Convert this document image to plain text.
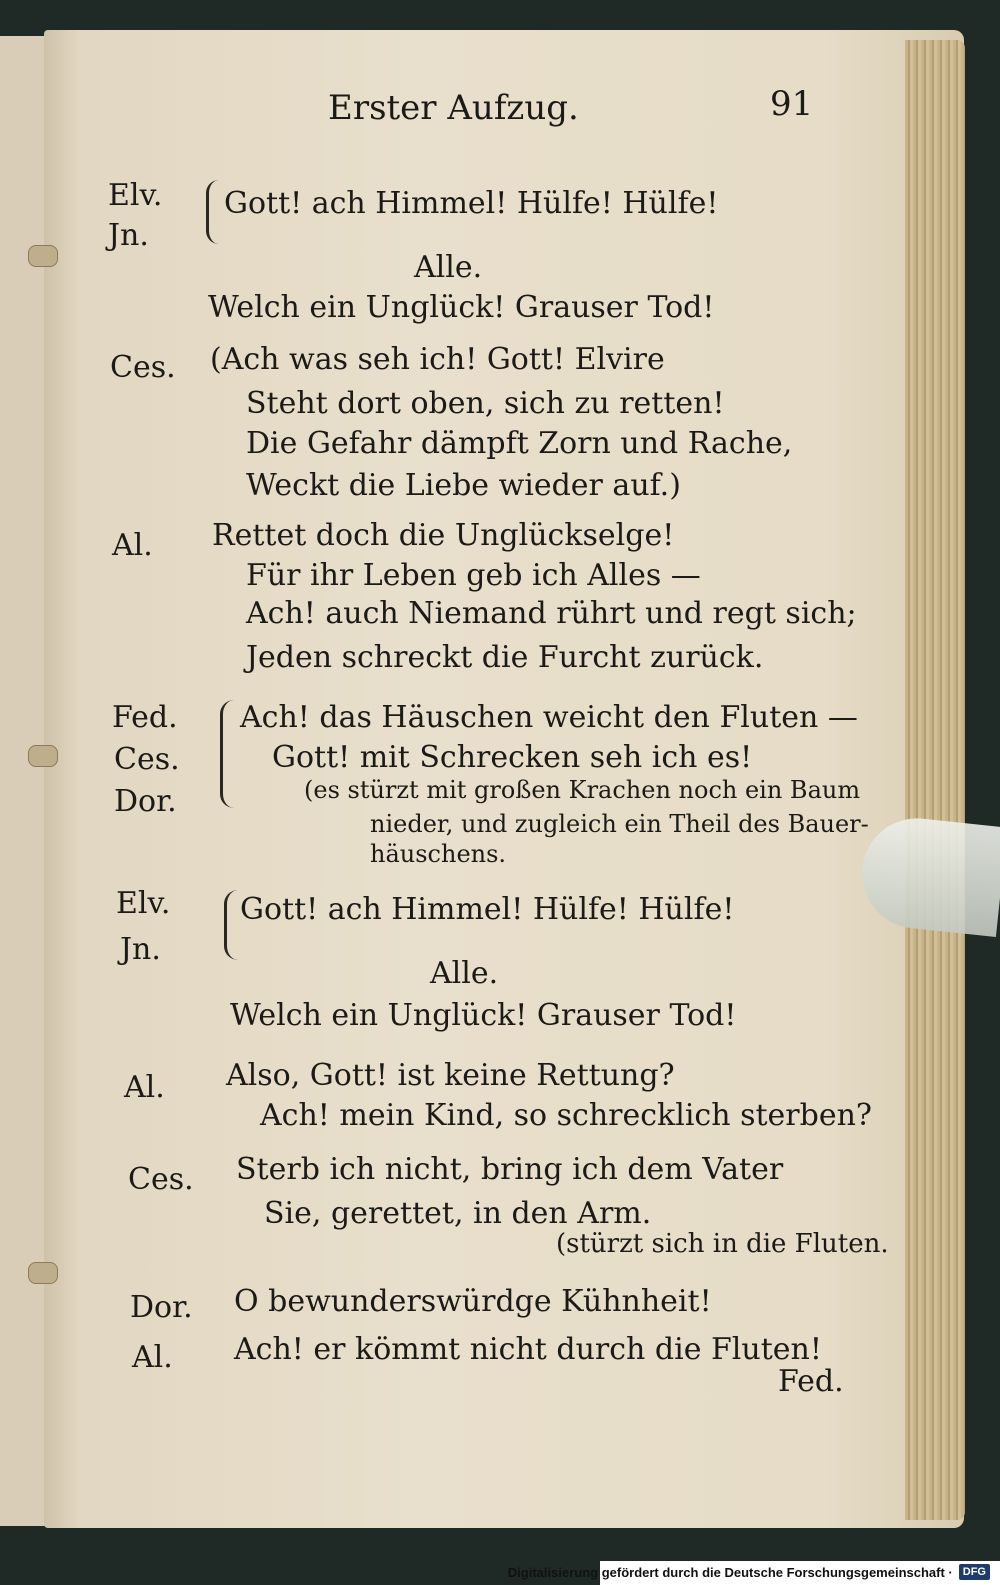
Erster Aufzug.	91
Elv. Gott! ach Himmel! Hülfe! Hülfe!
Jn.
Alle.
Welch ein Unglück! Grauser Tod!
Ces. (Ach was seh ich! Gott! Elvire
Steht dort oben, sich zu retten!
Die Gefahr dämpft Zorn und Rache,
Weckt die Liebe wieder auf.)
Al. Rettet doch die Unglückselge!
Für ihr Leben geb ich Alles —
Ach! auch Niemand rührt und regt sich;
Jeden schreckt die Furcht zurück.
Fed. Ach! das Häuschen weicht den Fluten —
Ces.	Gott! mit Schrecken seh ich es!
Dor.	(es stürzt mit großen Krachen noch ein Baum
nieder, und zugleich ein Theil des Bauer-
häuschens.
Elv. Gott! ach Himmel! Hülfe! Hülfe!
Jn.
Alle.
Welch ein Unglück! Grauser Tod!
Al. Also, Gott! ist keine Rettung?
Ach! mein Kind, so schrecklich sterben?
Ces. Sterb ich nicht, bring ich dem Vater
Sie, gerettet, in den Arm.
(stürzt sich in die Fluten.
Dor. O bewunderswürdge Kühnheit!
Al. Ach! er kömmt nicht durch die Fluten!
Fed.
Digitalisierung gefördert durch die Deutsche Forschungsgemeinschaft · DFG
